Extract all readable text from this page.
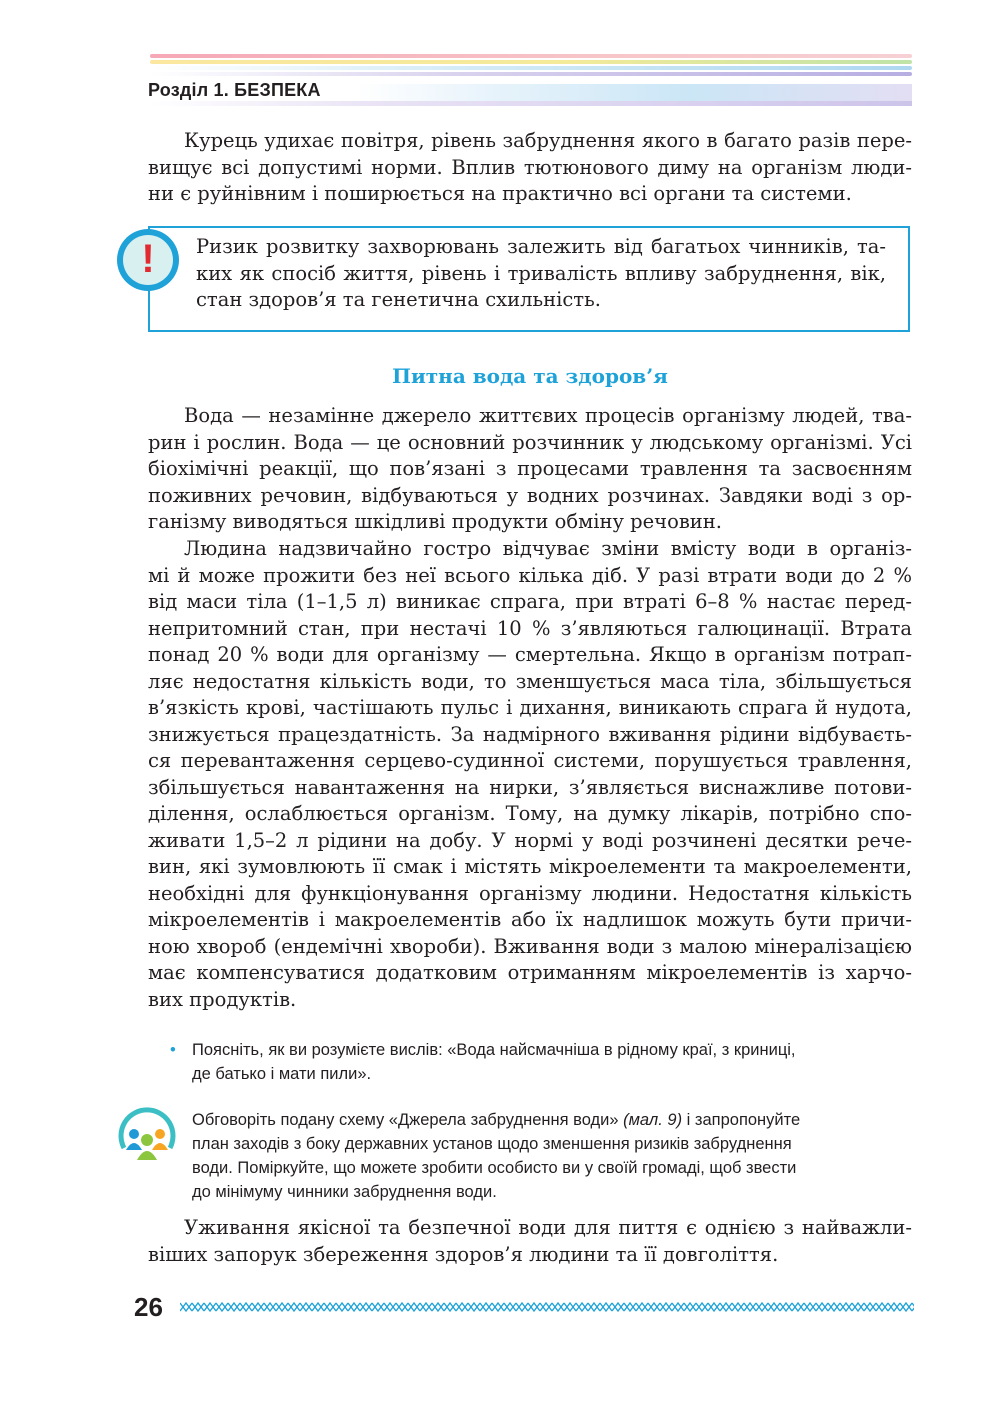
Розділ 1. БЕЗПЕКА
Курець удихає повітря, рівень забруднення якого в багато разів пере-
вищує всі допустимі норми. Вплив тютюнового диму на організм люди-
ни є руйнівним і поширюється на практично всі органи та системи.
!	Ризик розвитку захворювань залежить від багатьох чинників, та-
ких як спосіб життя, рівень і тривалість впливу забруднення, вік,
стан здоров’я та генетична схильність.
Питна вода та здоров’я
Вода — незамінне джерело життєвих процесів організму людей, тва-
рин і рослин. Вода — це основний розчинник у людському організмі. Усі
біохімічні реакції, що пов’язані з процесами травлення та засвоєнням
поживних речовин, відбуваються у водних розчинах. Завдяки воді з ор-
ганізму виводяться шкідливі продукти обміну речовин.
Людина надзвичайно гостро відчуває зміни вмісту води в організ-
мі й може прожити без неї всього кілька діб. У разі втрати води до 2 %
від маси тіла (1–1,5 л) виникає спрага, при втраті 6–8 % настає перед-
непритомний стан, при нестачі 10 % з’являються галюцинації. Втрата
понад 20 % води для організму — смертельна. Якщо в організм потрап-
ляє недостатня кількість води, то зменшується маса тіла, збільшується
в’язкість крові, частішають пульс і дихання, виникають спрага й нудота,
знижується працездатність. За надмірного вживання рідини відбуваєть-
ся перевантаження серцево-судинної системи, порушується травлення,
збільшується навантаження на нирки, з’являється виснажливе потови-
ділення, ослаблюється організм. Тому, на думку лікарів, потрібно спо-
живати 1,5–2 л рідини на добу. У нормі у воді розчинені десятки рече-
вин, які зумовлюють її смак і містять мікроелементи та макроелементи,
необхідні для функціонування організму людини. Недостатня кількість
мікроелементів і макроелементів або їх надлишок можуть бути причи-
ною хвороб (ендемічні хвороби). Вживання води з малою мінералізацією
має компенсуватися додатковим отриманням мікроелементів із харчо-
вих продуктів.
• Поясніть, як ви розумієте вислів: «Вода найсмачніша в рідному краї, з криниці,
де батько і мати пили».
Обговоріть подану схему «Джерела забруднення води» (мал. 9) і запропонуйте
план заходів з боку державних установ щодо зменшення ризиків забруднення
води. Поміркуйте, що можете зробити особисто ви у своїй громаді, щоб звести
до мінімуму чинники забруднення води.
Уживання якісної та безпечної води для пиття є однією з найважли-
віших запорук збереження здоров’я людини та її довголіття.
26
